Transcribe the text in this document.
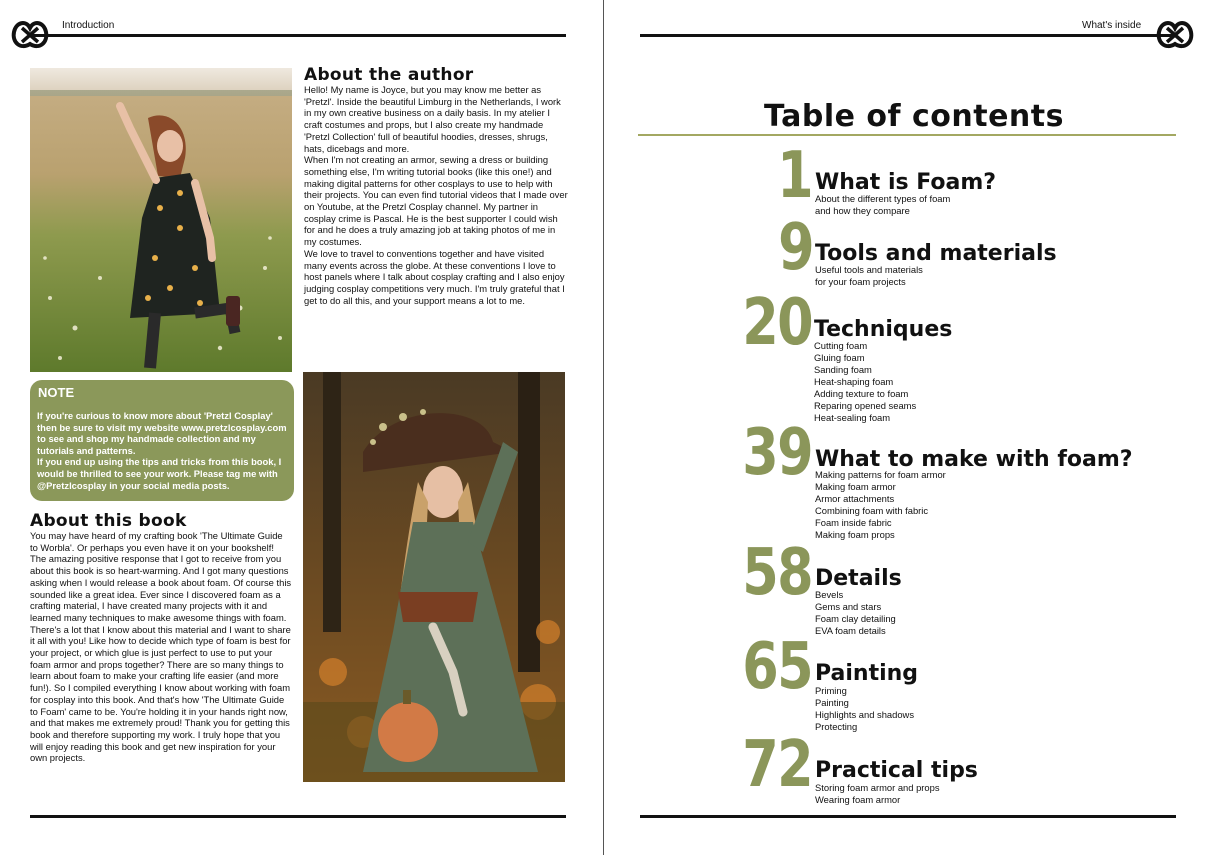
Introduction
About the author

Hello! My name is Joyce, but you may know me better as 'Pretzl'. Inside the beautiful Limburg in the Netherlands, I work in my own creative business on a daily basis. In my atelier I craft costumes and props, but I also create my handmade 'Pretzl Collection' full of beautiful hoodies, dresses, shrugs, hats, dicebags and more.

When I'm not creating an armor, sewing a dress or building something else, I'm writing tutorial books (like this one!) and making digital patterns for other cosplays to use to help with their projects. You can even find tutorial videos that I made over on Youtube, at the Pretzl Cosplay channel. My partner in cosplay crime is Pascal. He is the best supporter I could wish for and he does a truly amazing job at taking photos of me in my costumes.

We love to travel to conventions together and have visited many events across the globe. At these conventions I love to host panels where I talk about cosplay crafting and I also enjoy judging cosplay competitions very much. I'm truly grateful that I get to do all this, and your support means a lot to me.

NOTE
If you're curious to know more about 'Pretzl Cosplay' then be sure to visit my website www.pretzlcosplay.com to see and shop my handmade collection and my tutorials and patterns.
If you end up using the tips and tricks from this book, I would be thrilled to see your work. Please tag me with @Pretzlcosplay in your social media posts.
About this book
You may have heard of my crafting book 'The Ultimate Guide to Worbla'. Or perhaps you even have it on your bookshelf! The amazing positive response that I got to receive from you about this book is so heart-warming. And I got many questions asking when I would release a book about foam. Of course this sounded like a great idea. Ever since I discovered foam as a crafting material, I have created many projects with it and learned many techniques to make awesome things with foam. There's a lot that I know about this material and I want to share it all with you! Like how to decide which type of foam is best for your project, or which glue is just perfect to use to put your foam armor and props together? There are so many things to learn about foam to make your crafting life easier (and more fun!). So I compiled everything I know about working with foam for cosplay into this book. And that's how 'The Ultimate Guide to Foam' came to be. You're holding it in your hands right now, and that makes me extremely proud! Thank you for getting this book and therefore supporting my work. I truly hope that you will enjoy reading this book and get new inspiration for your own projects.
What's inside
Table of contents
1 What is Foam?
About the different types of foam
and how they compare
9 Tools and materials
Useful tools and materials
for your foam projects
20 Techniques
Cutting foam
Gluing foam
Sanding foam
Heat-shaping foam
Adding texture to foam
Reparing opened seams
Heat-sealing foam
39 What to make with foam?
Making patterns for foam armor
Making foam armor
Armor attachments
Combining foam with fabric
Foam inside fabric
Making foam props
58 Details
Bevels
Gems and stars
Foam clay detailing
EVA foam details
65 Painting
Priming
Painting
Highlights and shadows
Protecting
72 Practical tips
Storing foam armor and props
Wearing foam armor
